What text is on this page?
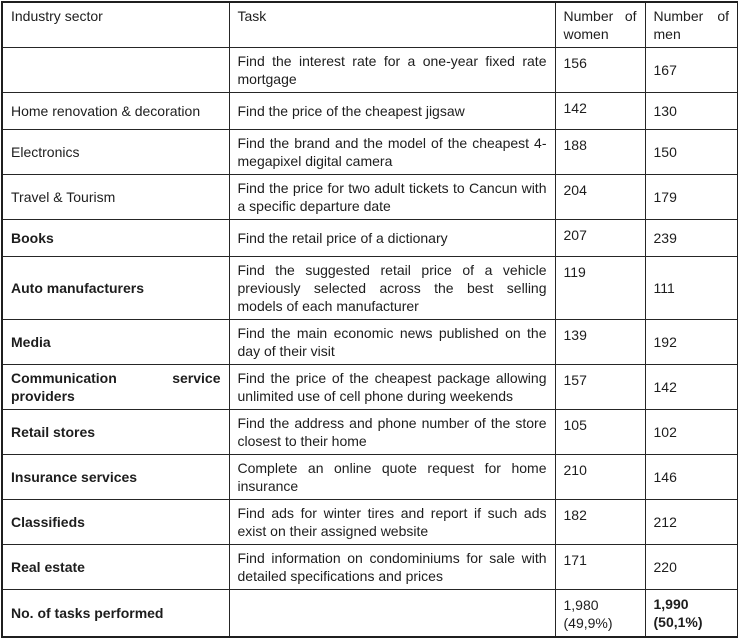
Industry sector	Task	Number of women	Number of men
	Find the interest rate for a one-year fixed rate mortgage	156	167
Home renovation & decoration	Find the price of the cheapest jigsaw	142	130
Electronics	Find the brand and the model of the cheapest 4-megapixel digital camera	188	150
Travel & Tourism	Find the price for two adult tickets to Cancun with a specific departure date	204	179
Books	Find the retail price of a dictionary	207	239
Auto manufacturers	Find the suggested retail price of a vehicle previously selected across the best selling models of each manufacturer	119	111
Media	Find the main economic news published on the day of their visit	139	192
Communication service providers	Find the price of the cheapest package allowing unlimited use of cell phone during weekends	157	142
Retail stores	Find the address and phone number of the store closest to their home	105	102
Insurance services	Complete an online quote request for home insurance	210	146
Classifieds	Find ads for winter tires and report if such ads exist on their assigned website	182	212
Real estate	Find information on condominiums for sale with detailed specifications and prices	171	220
No. of tasks performed		1,980 (49,9%)	1,990 (50,1%)
